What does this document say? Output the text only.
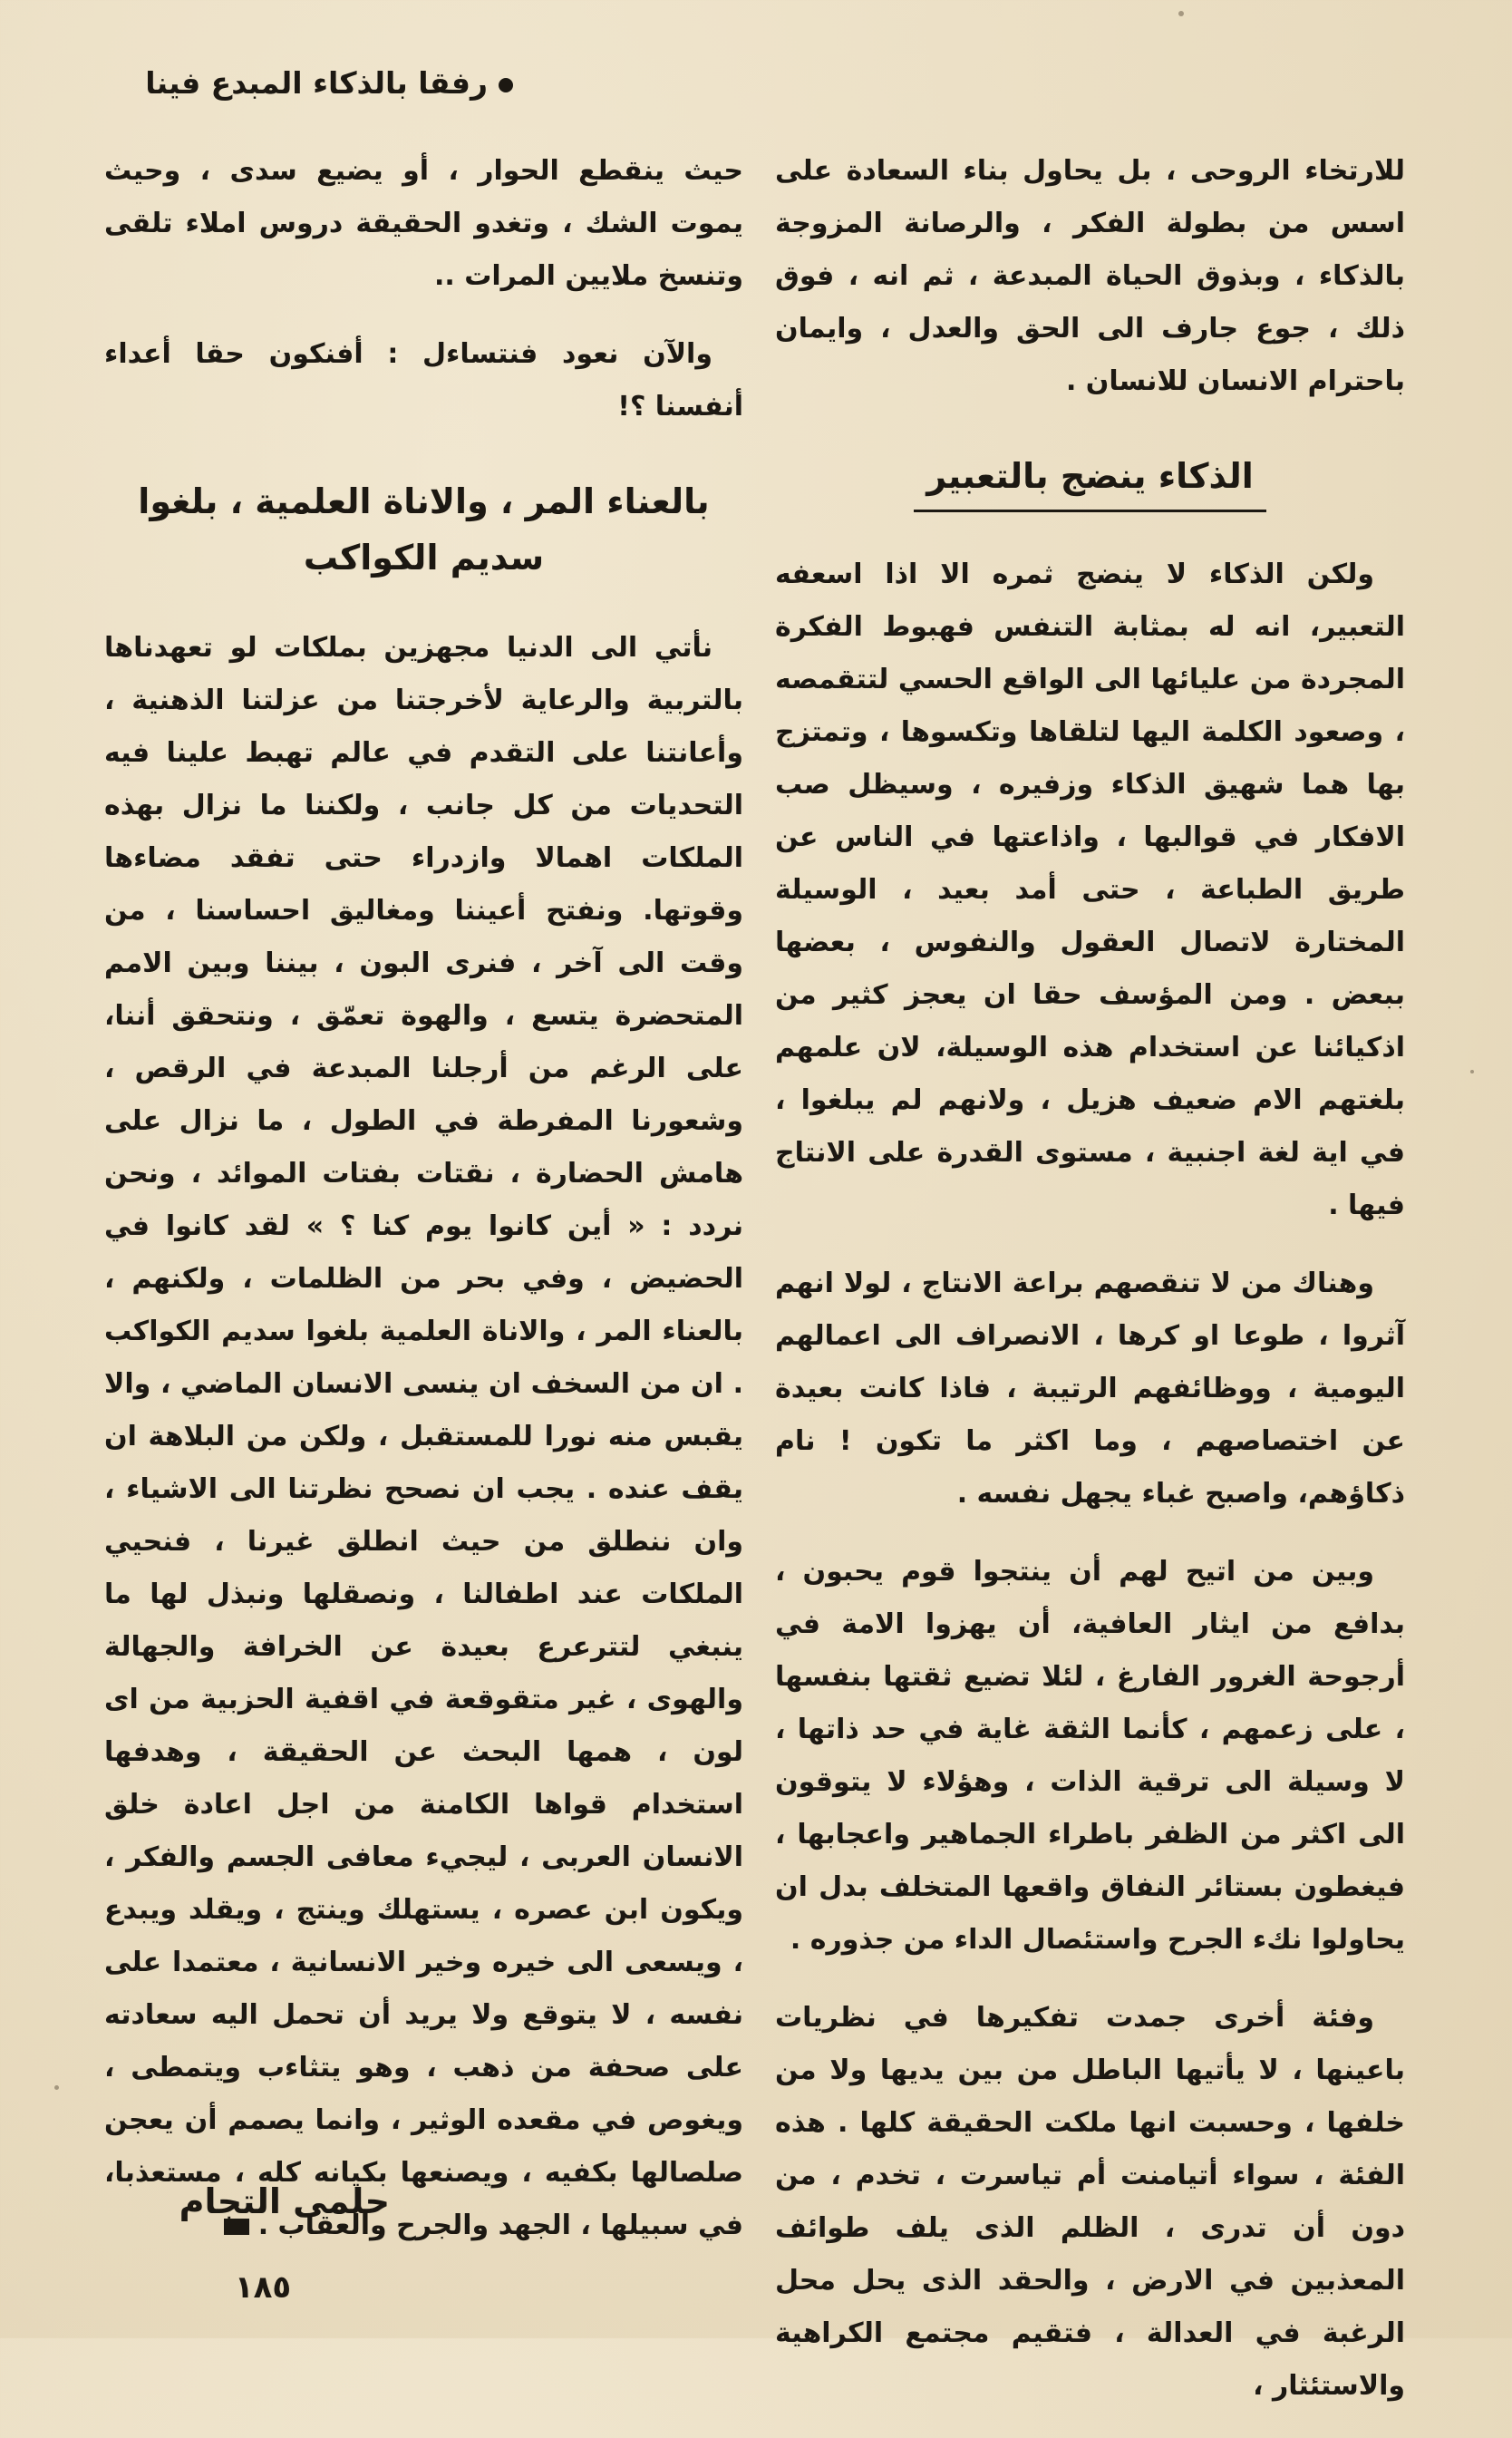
رفقا بالذكاء المبدع فينا

للارتخاء الروحى ، بل يحاول بناء السعادة على اسس من بطولة الفكر ، والرصانة المزوجة بالذكاء ، وبذوق الحياة المبدعة ، ثم انه ، فوق ذلك ، جوع جارف الى الحق والعدل ، وايمان باحترام الانسان للانسان .

الذكاء ينضج بالتعبير

ولكن الذكاء لا ينضج ثمره الا اذا اسعفه التعبير، انه له بمثابة التنفس فهبوط الفكرة المجردة من عليائها الى الواقع الحسي لتتقمصه ، وصعود الكلمة اليها لتلقاها وتكسوها ، وتمتزج بها هما شهيق الذكاء وزفيره ، وسيظل صب الافكار في قوالبها ، واذاعتها في الناس عن طريق الطباعة ، حتى أمد بعيد ، الوسيلة المختارة لاتصال العقول والنفوس ، بعضها ببعض . ومن المؤسف حقا ان يعجز كثير من اذكيائنا عن استخدام هذه الوسيلة، لان علمهم بلغتهم الام ضعيف هزيل ، ولانهم لم يبلغوا ، في اية لغة اجنبية ، مستوى القدرة على الانتاج فيها .

وهناك من لا تنقصهم براعة الانتاج ، لولا انهم آثروا ، طوعا او كرها ، الانصراف الى اعمالهم اليومية ، ووظائفهم الرتيبة ، فاذا كانت بعيدة عن اختصاصهم ، وما اكثر ما تكون ! نام ذكاؤهم، واصبح غباء يجهل نفسه .

وبين من اتيح لهم أن ينتجوا قوم يحبون ، بدافع من ايثار العافية، أن يهزوا الامة في أرجوحة الغرور الفارغ ، لئلا تضيع ثقتها بنفسها ، على زعمهم ، كأنما الثقة غاية في حد ذاتها ، لا وسيلة الى ترقية الذات ، وهؤلاء لا يتوقون الى اكثر من الظفر باطراء الجماهير واعجابها ، فيغطون بستائر النفاق واقعها المتخلف بدل ان يحاولوا نكء الجرح واستئصال الداء من جذوره .

وفئة أخرى جمدت تفكيرها في نظريات باعينها ، لا يأتيها الباطل من بين يديها ولا من خلفها ، وحسبت انها ملكت الحقيقة كلها . هذه الفئة ، سواء أتيامنت أم تياسرت ، تخدم ، من دون أن تدرى ، الظلم الذى يلف طوائف المعذبين في الارض ، والحقد الذى يحل محل الرغبة في العدالة ، فتقيم مجتمع الكراهية والاستئثار ،

حيث ينقطع الحوار ، أو يضيع سدى ، وحيث يموت الشك ، وتغدو الحقيقة دروس املاء تلقى وتنسخ ملايين المرات ..

والآن نعود فنتساءل : أفنكون حقا أعداء أنفسنا ؟!

بالعناء المر ، والاناة العلمية ، بلغوا سديم الكواكب

نأتي الى الدنيا مجهزين بملكات لو تعهدناها بالتربية والرعاية لأخرجتنا من عزلتنا الذهنية ، وأعانتنا على التقدم في عالم تهبط علينا فيه التحديات من كل جانب ، ولكننا ما نزال بهذه الملكات اهمالا وازدراء حتى تفقد مضاءها وقوتها. ونفتح أعيننا ومغاليق احساسنا ، من وقت الى آخر ، فنرى البون ، بيننا وبين الامم المتحضرة يتسع ، والهوة تعمّق ، ونتحقق أننا، على الرغم من أرجلنا المبدعة في الرقص ، وشعورنا المفرطة في الطول ، ما نزال على هامش الحضارة ، نقتات بفتات الموائد ، ونحن نردد : « أين كانوا يوم كنا ؟ » لقد كانوا في الحضيض ، وفي بحر من الظلمات ، ولكنهم ، بالعناء المر ، والاناة العلمية بلغوا سديم الكواكب . ان من السخف ان ينسى الانسان الماضي ، والا يقبس منه نورا للمستقبل ، ولكن من البلاهة ان يقف عنده . يجب ان نصحح نظرتنا الى الاشياء ، وان ننطلق من حيث انطلق غيرنا ، فنحيي الملكات عند اطفالنا ، ونصقلها ونبذل لها ما ينبغي لتترعرع بعيدة عن الخرافة والجهالة والهوى ، غير متقوقعة في اقفية الحزبية من اى لون ، همها البحث عن الحقيقة ، وهدفها استخدام قواها الكامنة من اجل اعادة خلق الانسان العربى ، ليجيء معافى الجسم والفكر ، ويكون ابن عصره ، يستهلك وينتج ، ويقلد ويبدع ، ويسعى الى خيره وخير الانسانية ، معتمدا على نفسه ، لا يتوقع ولا يريد أن تحمل اليه سعادته على صحفة من ذهب ، وهو يتثاءب ويتمطى ، ويغوص في مقعده الوثير ، وانما يصمم أن يعجن صلصالها بكفيه ، ويصنعها بكيانه كله ، مستعذبا، في سبيلها ، الجهد والجرح والعقاب .

حلمى التجام
١٨٥
